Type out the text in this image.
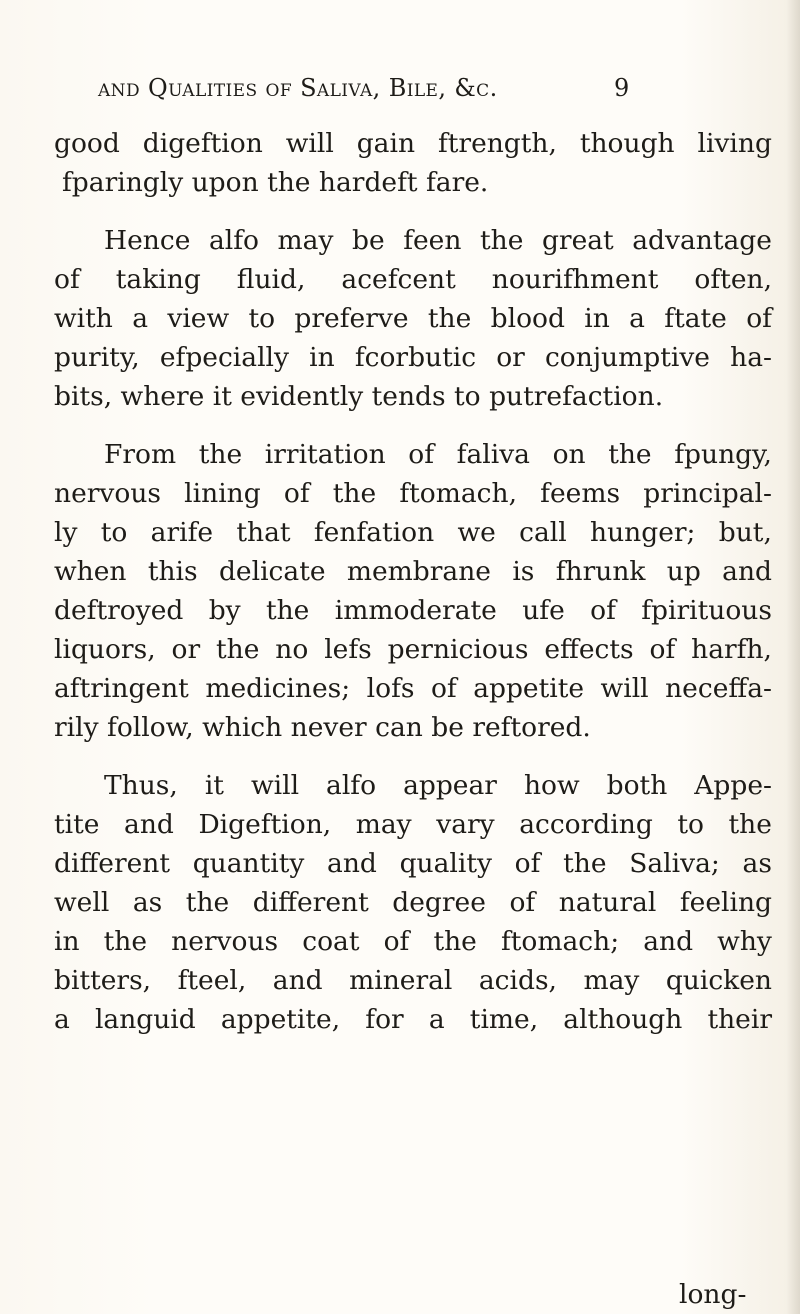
and Qualities of Saliva, Bile, &c.	9
good digeftion will gain ftrength, though living
fparingly upon the hardeft fare.
Hence alfo may be feen the great advantage
of taking fluid, acefcent nourifhment often,
with a view to preferve the blood in a ftate of
purity, efpecially in fcorbutic or conjumptive ha-
bits, where it evidently tends to putrefaction.
From the irritation of faliva on the fpungy,
nervous lining of the ftomach, feems principal-
ly to arife that fenfation we call hunger; but,
when this delicate membrane is fhrunk up and
deftroyed by the immoderate ufe of fpirituous
liquors, or the no lefs pernicious effects of harfh,
aftringent medicines; lofs of appetite will neceffa-
rily follow, which never can be reftored.
Thus, it will alfo appear how both Appe-
tite and Digeftion, may vary according to the
different quantity and quality of the Saliva; as
well as the different degree of natural feeling
in the nervous coat of the ftomach; and why
bitters, fteel, and mineral acids, may quicken
a languid appetite, for a time, although their
long-
